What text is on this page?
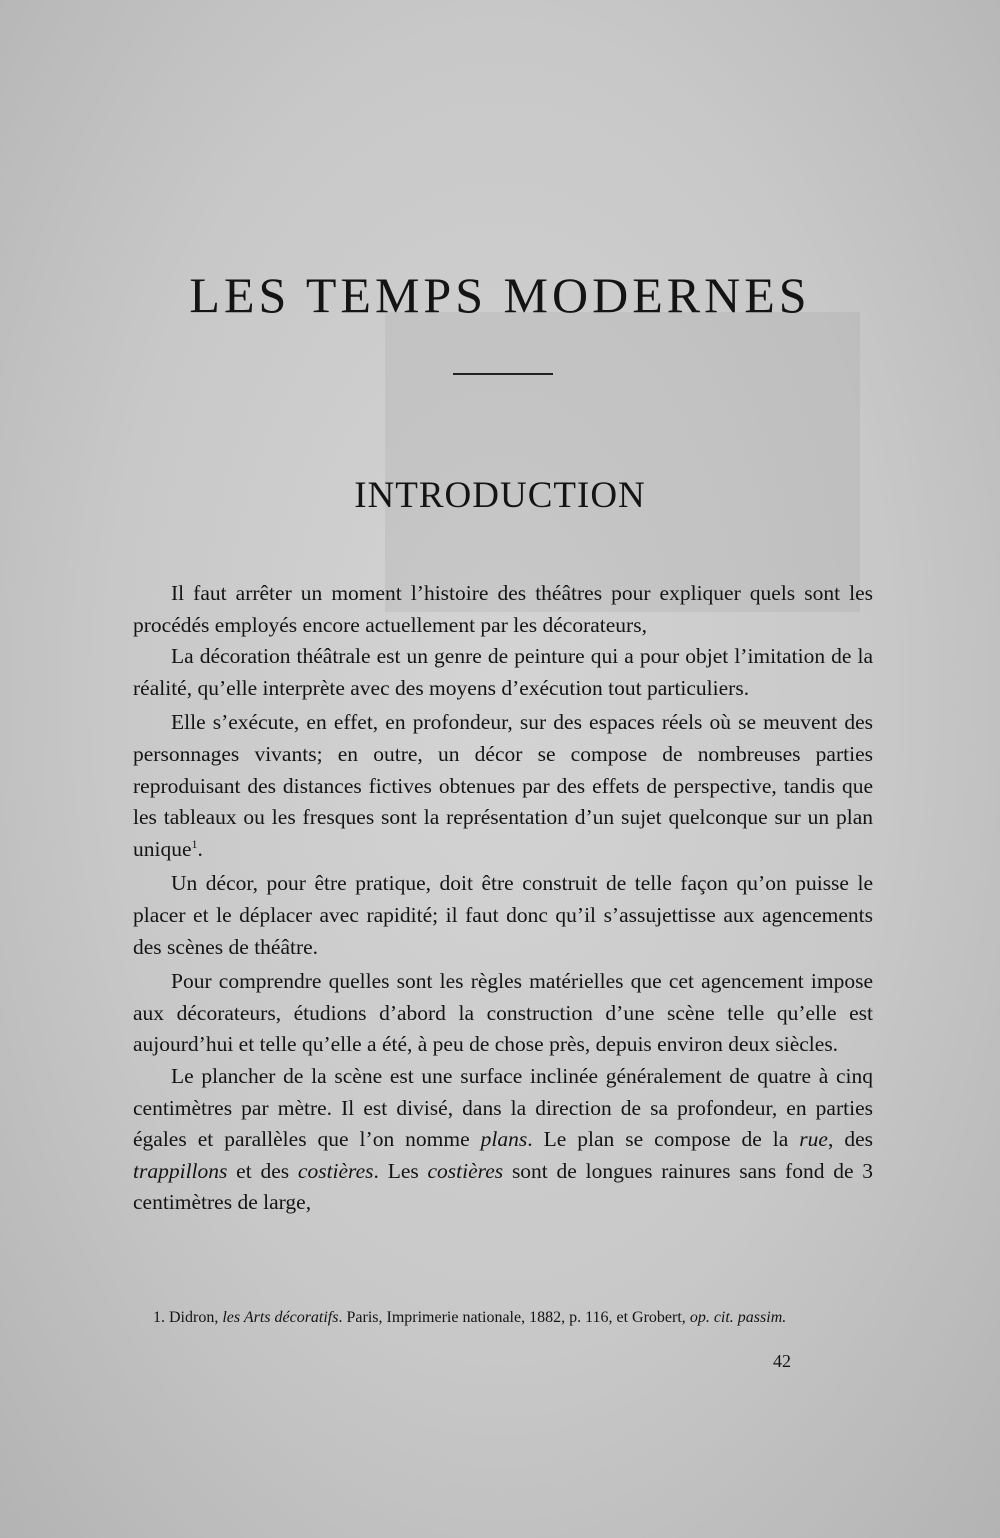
LES TEMPS MODERNES
INTRODUCTION

Il faut arrêter un moment l’histoire des théâtres pour expliquer quels sont les procédés employés encore actuellement par les décorateurs,

La décoration théâtrale est un genre de peinture qui a pour objet l’imitation de la réalité, qu’elle interprète avec des moyens d’exécution tout particuliers.

Elle s’exécute, en effet, en profondeur, sur des espaces réels où se meuvent des personnages vivants; en outre, un décor se compose de nombreuses parties reproduisant des distances fictives obtenues par des effets de perspective, tandis que les tableaux ou les fresques sont la représentation d’un sujet quelconque sur un plan unique$^1$.

Un décor, pour être pratique, doit être construit de telle façon qu’on puisse le placer et le déplacer avec rapidité; il faut donc qu’il s’assujettisse aux agencements des scènes de théâtre.

Pour comprendre quelles sont les règles matérielles que cet agencement impose aux décorateurs, étudions d’abord la construction d’une scène telle qu’elle est aujourd’hui et telle qu’elle a été, à peu de chose près, depuis environ deux siècles.

Le plancher de la scène est une surface inclinée généralement de quatre à cinq centimètres par mètre. Il est divisé, dans la direction de sa profondeur, en parties égales et parallèles que l’on nomme plans. Le plan se compose de la rue, des trappillons et des costières. Les costières sont de longues rainures sans fond de 3 centimètres de large,

1. Didron, les Arts décoratifs. Paris, Imprimerie nationale, 1882, p. 116, et Grobert, op. cit. passim.
42
